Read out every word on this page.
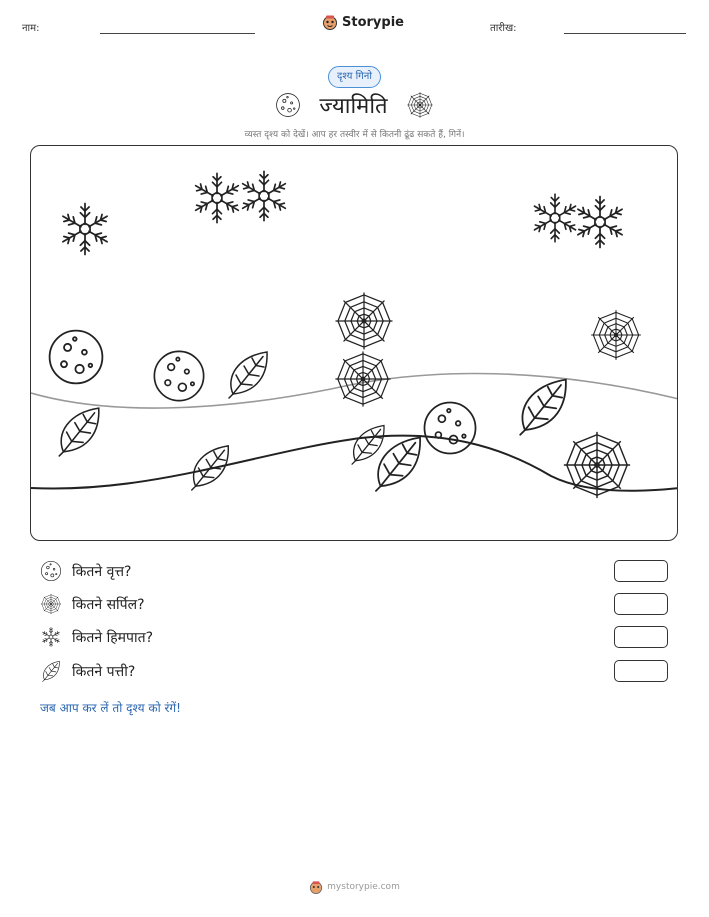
नाम:	Storypie	तारीख:
दृश्य गिनो
ज्यामिति
व्यस्त दृश्य को देखें। आप हर तस्वीर में से कितनी ढूंढ सकते हैं, गिनें।
कितने वृत्त?
कितने सर्पिल?
कितने हिमपात?
कितने पत्ती?
जब आप कर लें तो दृश्य को रंगें!
mystorypie.com
